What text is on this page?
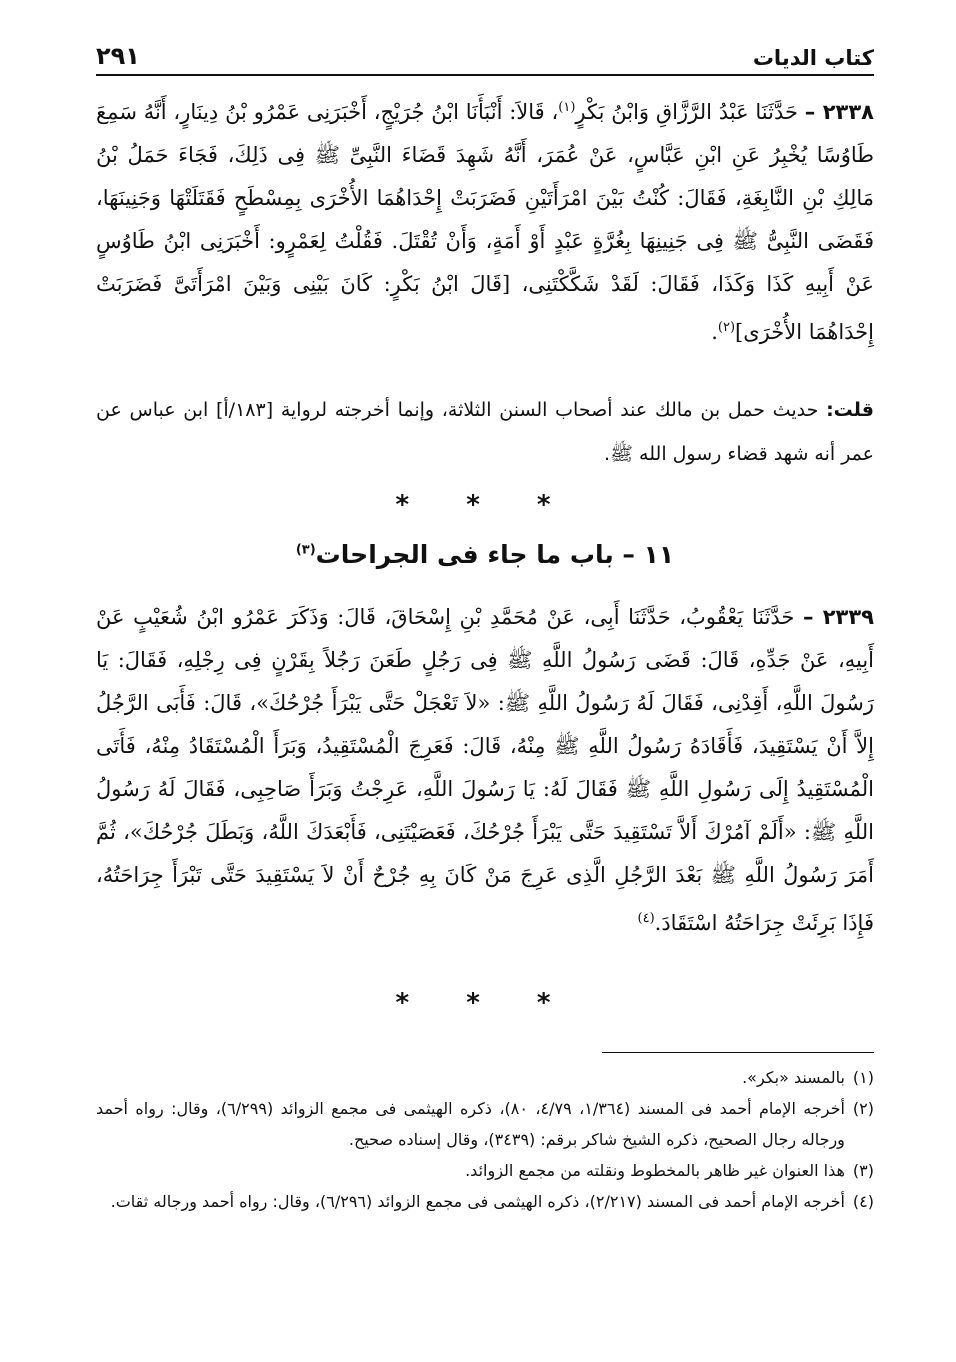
كتاب الديات
٢٩١
٢٣٣٨ – حَدَّثَنَا عَبْدُ الرَّزَّاقِ وَابْنُ بَكْرٍ$^{(١)}$، قَالاَ: أَنْبَأَنَا ابْنُ جُرَيْجٍ، أَخْبَرَنِى عَمْرُو بْنُ دِينَارٍ، أَنَّهُ سَمِعَ طَاوُسًا يُخْبِرُ عَنِ ابْنِ عَبَّاسٍ، عَنْ عُمَرَ، أَنَّهُ شَهِدَ قَضَاءَ النَّبِىِّ ﷺ فِى ذَلِكَ، فَجَاءَ حَمَلُ بْنُ مَالِكِ بْنِ النَّابِغَةِ، فَقَالَ: كُنْتُ بَيْنَ امْرَأَتَيْنِ فَضَرَبَتْ إِحْدَاهُمَا الأُخْرَى بِمِسْطَحٍ فَقَتَلَتْهَا وَجَنِينَهَا، فَقَضَى النَّبِىُّ ﷺ فِى جَنِينِهَا بِغُرَّةٍ عَبْدٍ أَوْ أَمَةٍ، وَأَنْ تُقْتَلَ. فَقُلْتُ لِعَمْرٍو: أَخْبَرَنِى ابْنُ طَاوُسٍ عَنْ أَبِيهِ كَذَا وَكَذَا، فَقَالَ: لَقَدْ شَكَّكْتَنِى، [قَالَ ابْنُ بَكْرٍ: كَانَ بَيْنِى وَبَيْنَ امْرَأَتَىَّ فَضَرَبَتْ إِحْدَاهُمَا الأُخْرَى]$^{(٢)}$.
قلت: حديث حمل بن مالك عند أصحاب السنن الثلاثة، وإنما أخرجته لرواية [١٨٣/أ] ابن عباس عن عمر أنه شهد قضاء رسول الله ﷺ.
* * *
١١ – باب ما جاء فى الجراحات$^{(٣)}$
٢٣٣٩ – حَدَّثَنَا يَعْقُوبُ، حَدَّثَنَا أَبِى، عَنْ مُحَمَّدِ بْنِ إِسْحَاقَ، قَالَ: وَذَكَرَ عَمْرُو ابْنُ شُعَيْبٍ عَنْ أَبِيهِ، عَنْ جَدِّهِ، قَالَ: قَضَى رَسُولُ اللَّهِ ﷺ فِى رَجُلٍ طَعَنَ رَجُلاً بِقَرْنٍ فِى رِجْلِهِ، فَقَالَ: يَا رَسُولَ اللَّهِ، أَقِدْنِى، فَقَالَ لَهُ رَسُولُ اللَّهِ ﷺ: «لاَ تَعْجَلْ حَتَّى يَبْرَأَ جُرْحُكَ»، قَالَ: فَأَبَى الرَّجُلُ إِلاَّ أَنْ يَسْتَقِيدَ، فَأَقَادَهُ رَسُولُ اللَّهِ ﷺ مِنْهُ، قَالَ: فَعَرِجَ الْمُسْتَقِيدُ، وَبَرَأَ الْمُسْتَقَادُ مِنْهُ، فَأَتَى الْمُسْتَقِيدُ إِلَى رَسُولِ اللَّهِ ﷺ فَقَالَ لَهُ: يَا رَسُولَ اللَّهِ، عَرِجْتُ وَبَرَأَ صَاحِبِى، فَقَالَ لَهُ رَسُولُ اللَّهِ ﷺ: «أَلَمْ آمُرْكَ أَلاَّ تَسْتَقِيدَ حَتَّى يَبْرَأَ جُرْحُكَ، فَعَصَيْتَنِى، فَأَبْعَدَكَ اللَّهُ، وَبَطَلَ جُرْحُكَ»، ثُمَّ أَمَرَ رَسُولُ اللَّهِ ﷺ بَعْدَ الرَّجُلِ الَّذِى عَرِجَ مَنْ كَانَ بِهِ جُرْحٌ أَنْ لاَ يَسْتَقِيدَ حَتَّى تَبْرَأَ جِرَاحَتُهُ، فَإِذَا بَرِئَتْ جِرَاحَتُهُ اسْتَقَادَ.$^{(٤)}$
* * *

(١)
بالمسند «بكر».

(٢)
أخرجه الإمام أحمد فى المسند (١/٣٦٤، ٤/٧٩، ٨٠)، ذكره الهيثمى فى مجمع الزوائد (٦/٢٩٩)، وقال: رواه أحمد ورجاله رجال الصحيح، ذكره الشيخ شاكر برقم: (٣٤٣٩)، وقال إسناده صحيح.

(٣)
هذا العنوان غير ظاهر بالمخطوط ونقلته من مجمع الزوائد.

(٤)
أخرجه الإمام أحمد فى المسند (٢/٢١٧)، ذكره الهيثمى فى مجمع الزوائد (٦/٢٩٦)، وقال: رواه أحمد ورجاله ثقات.
